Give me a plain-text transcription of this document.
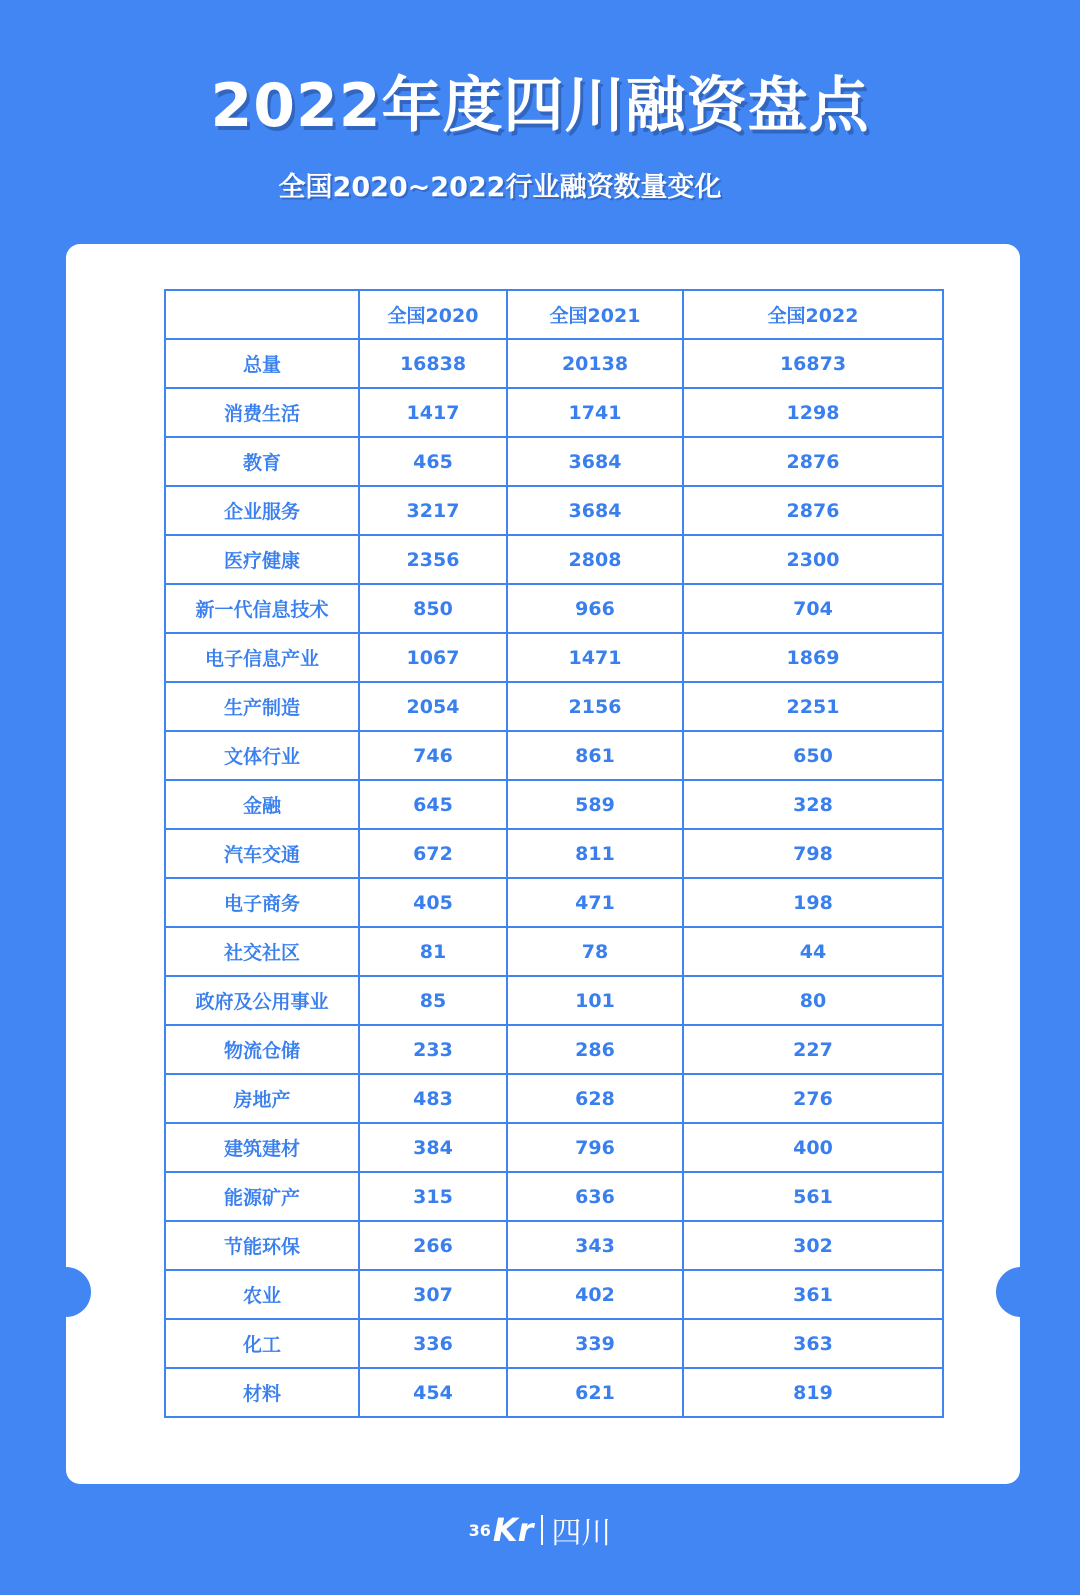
2022年度四川融资盘点
全国2020~2022行业融资数量变化
	全国2020	全国2021	全国2022
总量	16838	20138	16873
消费生活	1417	1741	1298
教育	465	3684	2876
企业服务	3217	3684	2876
医疗健康	2356	2808	2300
新一代信息技术	850	966	704
电子信息产业	1067	1471	1869
生产制造	2054	2156	2251
文体行业	746	861	650
金融	645	589	328
汽车交通	672	811	798
电子商务	405	471	198
社交社区	81	78	44
政府及公用事业	85	101	80
物流仓储	233	286	227
房地产	483	628	276
建筑建材	384	796	400
能源矿产	315	636	561
节能环保	266	343	302
农业	307	402	361
化工	336	339	363
材料	454	621	819
36 Kr 四川
